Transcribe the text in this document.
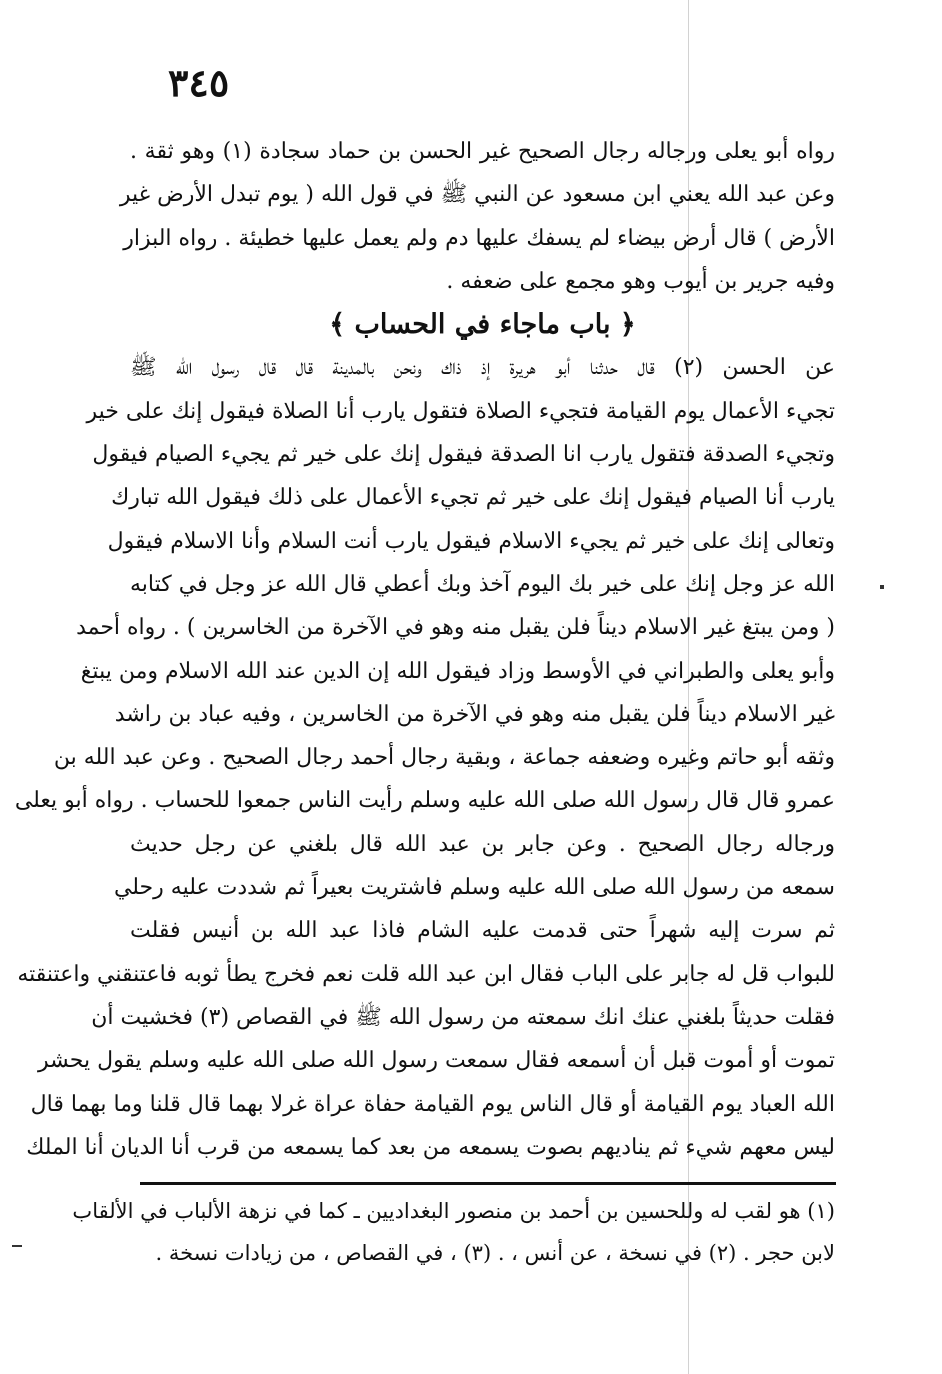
٣٤٥
رواه أبو يعلى ورجاله رجال الصحيح غير الحسن بن حماد سجادة (١) وهو ثقة .
وعن عبد الله يعني ابن مسعود عن النبي ﷺ في قول الله ( يوم تبدل الأرض غير
الأرض ) قال أرض بيضاء لم يسفك عليها دم ولم يعمل عليها خطيئة . رواه البزار
وفيه جرير بن أيوب وهو مجمع على ضعفه .
﴿ باب ماجاء في الحساب ﴾
عن الحسن (٢) قال حدثنا أبو هريرة إذ ذاك ونحن بالمدينة قال قال رسول الله ﷺ
تجيء الأعمال يوم القيامة فتجيء الصلاة فتقول يارب أنا الصلاة فيقول إنك على خير
وتجيء الصدقة فتقول يارب انا الصدقة فيقول إنك على خير ثم يجيء الصيام فيقول
يارب أنا الصيام فيقول إنك على خير ثم تجيء الأعمال على ذلك فيقول الله تبارك
وتعالى إنك على خير ثم يجيء الاسلام فيقول يارب أنت السلام وأنا الاسلام فيقول
الله عز وجل إنك على خير بك اليوم آخذ وبك أعطي قال الله عز وجل في كتابه
( ومن يبتغ غير الاسلام ديناً فلن يقبل منه وهو في الآخرة من الخاسرين ) . رواه أحمد
وأبو يعلى والطبراني في الأوسط وزاد فيقول الله إن الدين عند الله الاسلام ومن يبتغ
غير الاسلام ديناً فلن يقبل منه وهو في الآخرة من الخاسرين ، وفيه عباد بن راشد
وثقه أبو حاتم وغيره وضعفه جماعة ، وبقية رجال أحمد رجال الصحيح . وعن عبد الله بن
عمرو قال قال رسول الله صلى الله عليه وسلم رأيت الناس جمعوا للحساب . رواه أبو يعلى
ورجاله رجال الصحيح . وعن جابر بن عبد الله قال بلغني عن رجل حديث
سمعه من رسول الله صلى الله عليه وسلم فاشتريت بعيراً ثم شددت عليه رحلي
ثم سرت إليه شهراً حتى قدمت عليه الشام فاذا عبد الله بن أنيس فقلت
للبواب قل له جابر على الباب فقال ابن عبد الله قلت نعم فخرج يطأ ثوبه فاعتنقني واعتنقته
فقلت حديثاً بلغني عنك انك سمعته من رسول الله ﷺ في القصاص (٣) فخشيت أن
تموت أو أموت قبل أن أسمعه فقال سمعت رسول الله صلى الله عليه وسلم يقول يحشر
الله العباد يوم القيامة أو قال الناس يوم القيامة حفاة عراة غرلا بهما قال قلنا وما بهما قال
ليس معهم شيء ثم يناديهم بصوت يسمعه من بعد كما يسمعه من قرب أنا الديان أنا الملك
(١) هو لقب له وللحسين بن أحمد بن منصور البغداديين ـ كما في نزهة الألباب في الألقاب
لابن حجر . (٢) في نسخة ، عن أنس ، . (٣) ، في القصاص ، من زيادات نسخة .
